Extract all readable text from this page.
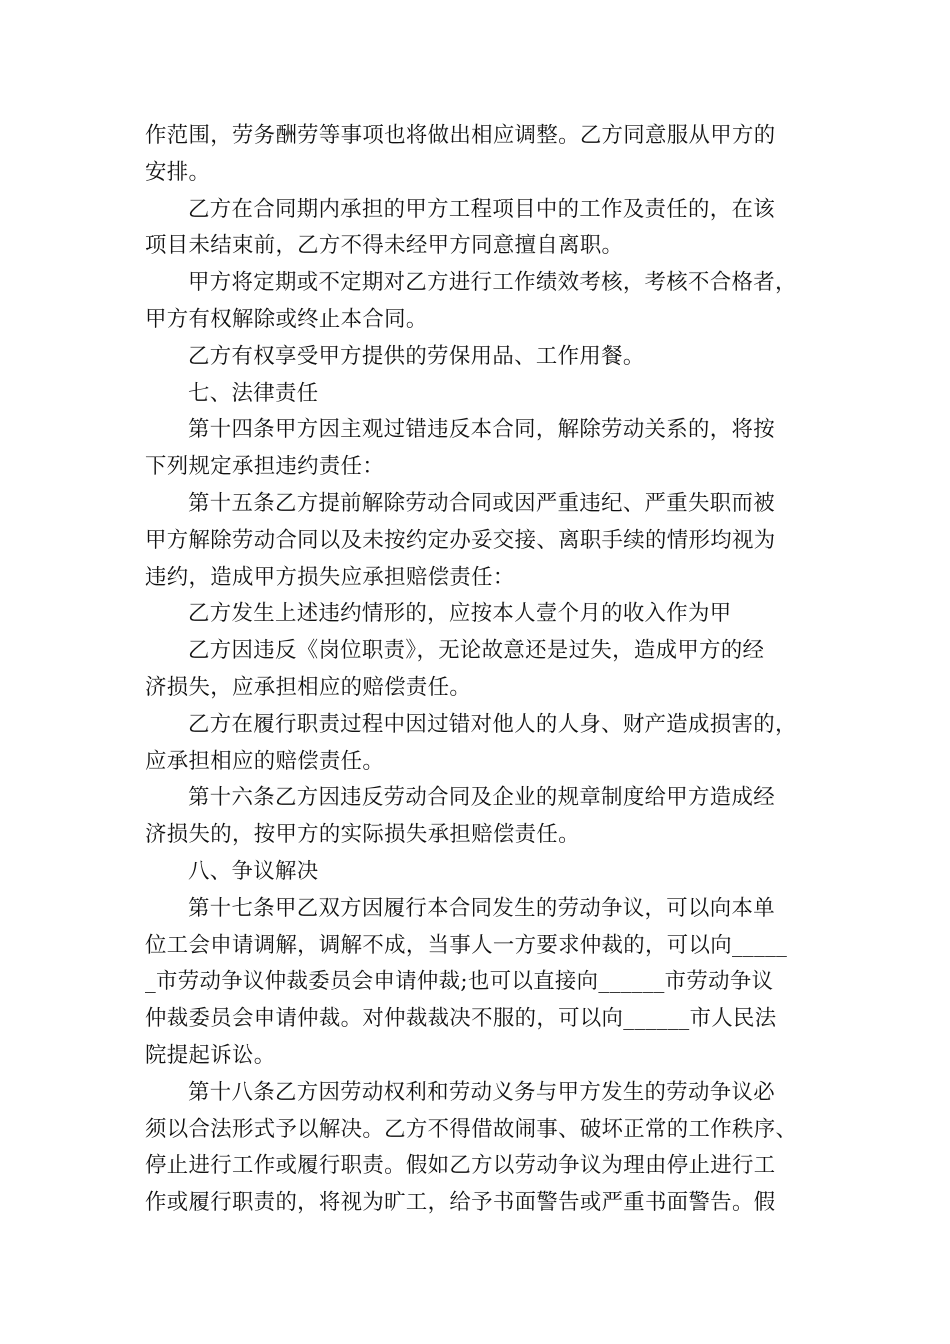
作范围，劳务酬劳等事项也将做出相应调整。乙方同意服从甲方的
安排。
乙方在合同期内承担的甲方工程项目中的工作及责任的，在该
项目未结束前，乙方不得未经甲方同意擅自离职。
甲方将定期或不定期对乙方进行工作绩效考核，考核不合格者，
甲方有权解除或终止本合同。
乙方有权享受甲方提供的劳保用品、工作用餐。
七、法律责任
第十四条甲方因主观过错违反本合同，解除劳动关系的，将按
下列规定承担违约责任：
第十五条乙方提前解除劳动合同或因严重违纪、严重失职而被
甲方解除劳动合同以及未按约定办妥交接、离职手续的情形均视为
违约，造成甲方损失应承担赔偿责任：
乙方发生上述违约情形的，应按本人壹个月的收入作为甲
乙方因违反《岗位职责》，无论故意还是过失，造成甲方的经
济损失，应承担相应的赔偿责任。
乙方在履行职责过程中因过错对他人的人身、财产造成损害的，
应承担相应的赔偿责任。
第十六条乙方因违反劳动合同及企业的规章制度给甲方造成经
济损失的，按甲方的实际损失承担赔偿责任。
八、争议解决
第十七条甲乙双方因履行本合同发生的劳动争议，可以向本单
位工会申请调解，调解不成，当事人一方要求仲裁的，可以向_____
_市劳动争议仲裁委员会申请仲裁;也可以直接向______市劳动争议
仲裁委员会申请仲裁。对仲裁裁决不服的，可以向______市人民法
院提起诉讼。
第十八条乙方因劳动权利和劳动义务与甲方发生的劳动争议必
须以合法形式予以解决。乙方不得借故闹事、破坏正常的工作秩序、
停止进行工作或履行职责。假如乙方以劳动争议为理由停止进行工
作或履行职责的，将视为旷工，给予书面警告或严重书面警告。假
